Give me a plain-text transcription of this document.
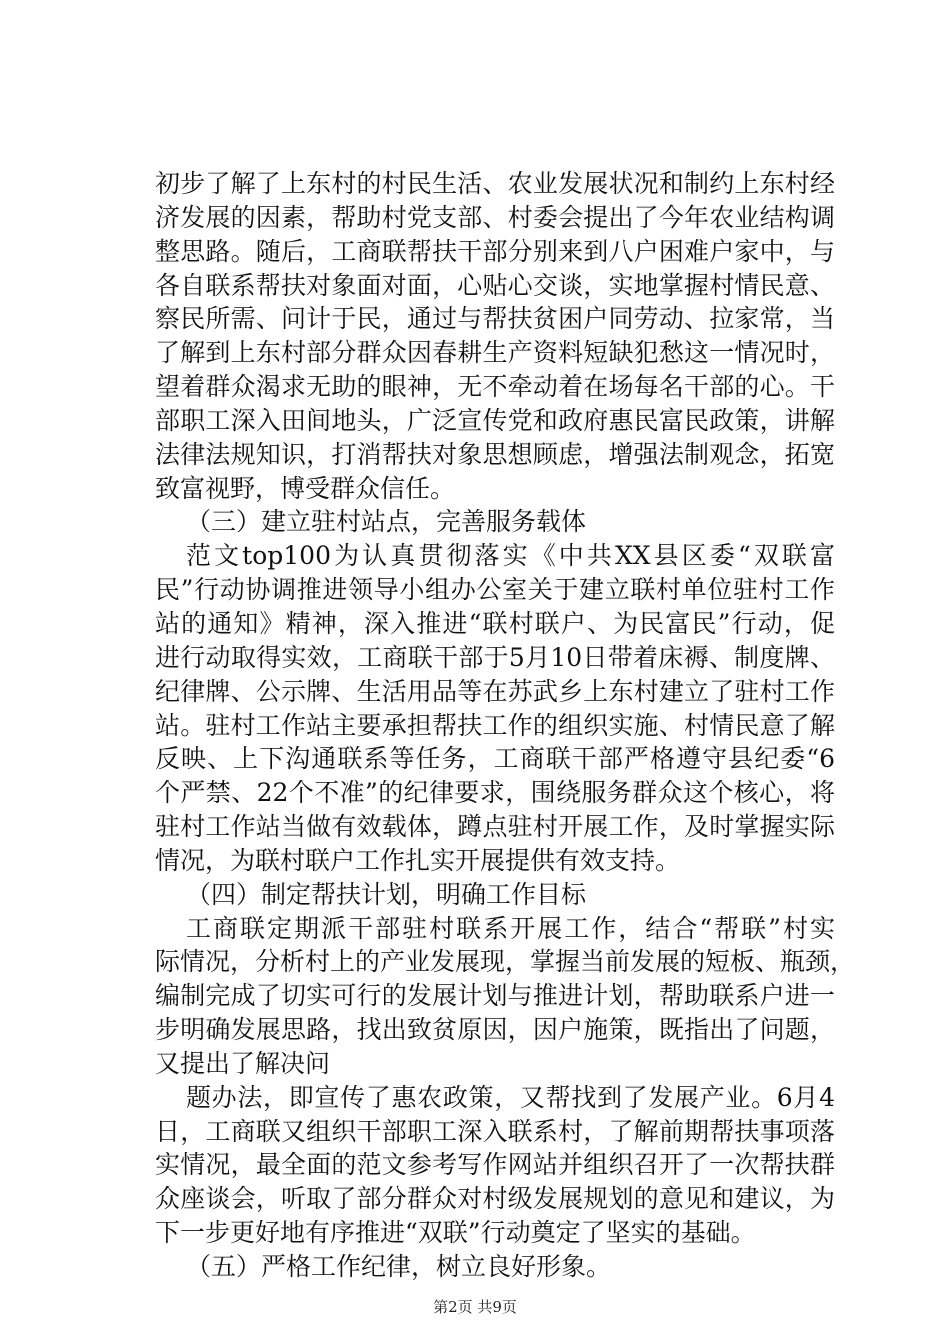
初步了解了上东村的村民生活、农业发展状况和制约上东村经
济发展的因素，帮助村党支部、村委会提出了今年农业结构调
整思路。随后，工商联帮扶干部分别来到八户困难户家中，与
各自联系帮扶对象面对面，心贴心交谈，实地掌握村情民意、
察民所需、问计于民，通过与帮扶贫困户同劳动、拉家常，当
了解到上东村部分群众因春耕生产资料短缺犯愁这一情况时，
望着群众渴求无助的眼神，无不牵动着在场每名干部的心。干
部职工深入田间地头，广泛宣传党和政府惠民富民政策，讲解
法律法规知识，打消帮扶对象思想顾虑，增强法制观念，拓宽
致富视野，博受群众信任。
（三）建立驻村站点，完善服务载体
范文top100为认真贯彻落实《中共XX县区委“双联富
民”行动协调推进领导小组办公室关于建立联村单位驻村工作
站的通知》精神，深入推进“联村联户、为民富民”行动，促
进行动取得实效，工商联干部于5月10日带着床褥、制度牌、
纪律牌、公示牌、生活用品等在苏武乡上东村建立了驻村工作
站。驻村工作站主要承担帮扶工作的组织实施、村情民意了解
反映、上下沟通联系等任务，工商联干部严格遵守县纪委“6
个严禁、22个不准”的纪律要求，围绕服务群众这个核心，将
驻村工作站当做有效载体，蹲点驻村开展工作，及时掌握实际
情况，为联村联户工作扎实开展提供有效支持。
（四）制定帮扶计划，明确工作目标
工商联定期派干部驻村联系开展工作，结合“帮联”村实
际情况，分析村上的产业发展现，掌握当前发展的短板、瓶颈，
编制完成了切实可行的发展计划与推进计划，帮助联系户进一
步明确发展思路，找出致贫原因，因户施策，既指出了问题，
又提出了解决问
题办法，即宣传了惠农政策，又帮找到了发展产业。6月4
日，工商联又组织干部职工深入联系村，了解前期帮扶事项落
实情况，最全面的范文参考写作网站并组织召开了一次帮扶群
第2页 共9页
众座谈会，听取了部分群众对村级发展规划的意见和建议，为
下一步更好地有序推进“双联”行动奠定了坚实的基础。
（五）严格工作纪律，树立良好形象。
